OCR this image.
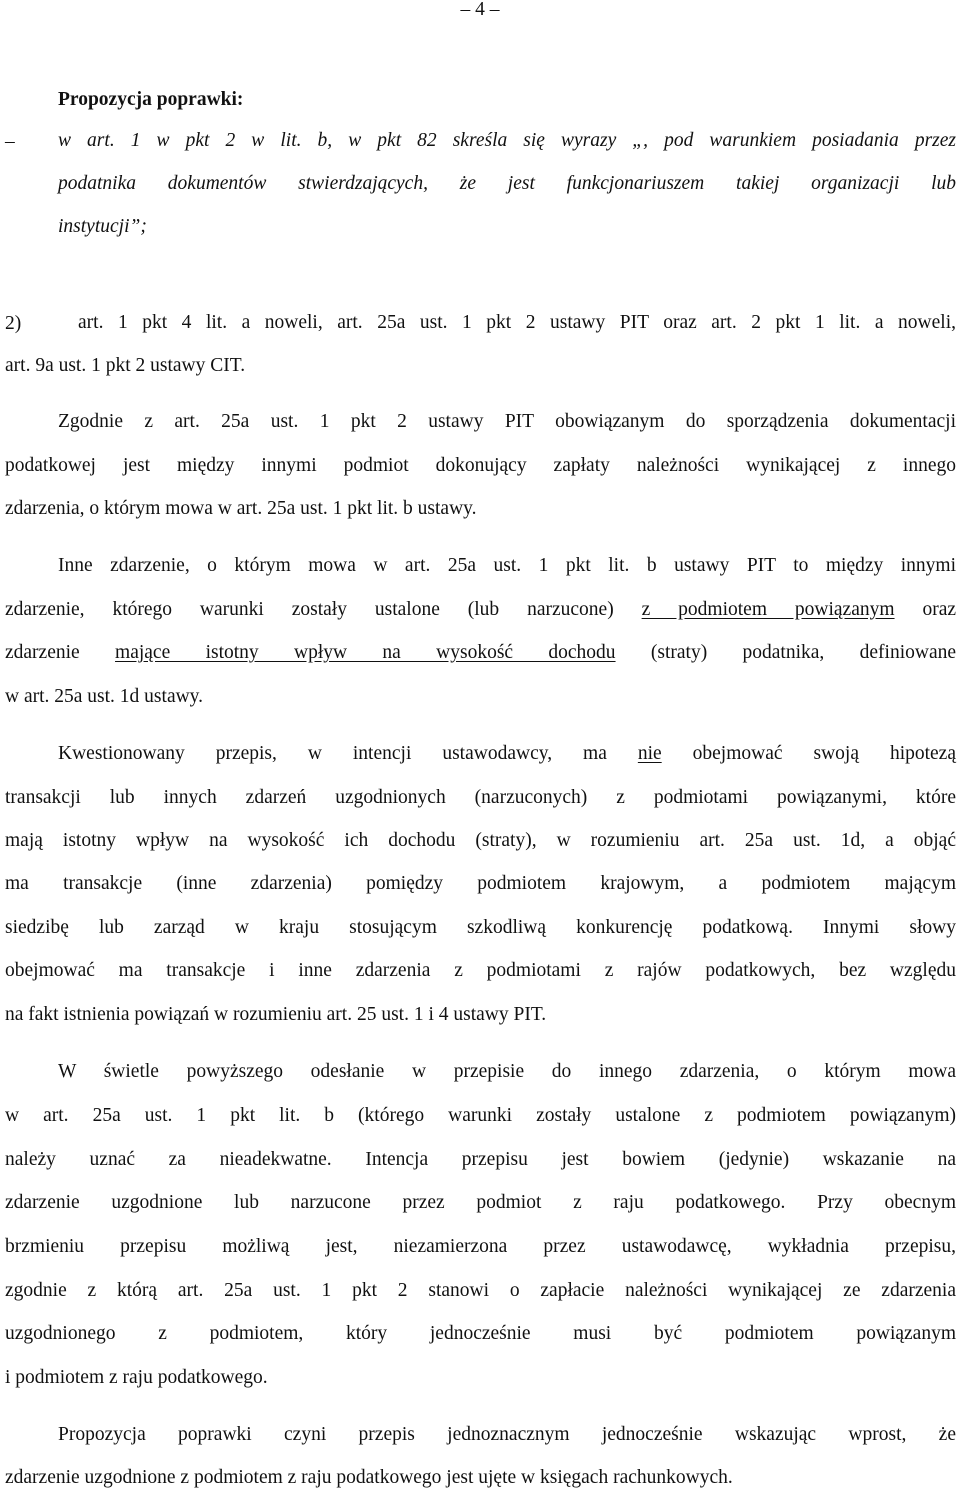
– 4 –
Propozycja poprawki:
– w art. 1 w pkt 2 w lit. b, w pkt 82 skreśla się wyrazy „, pod warunkiem posiadania przez
podatnika dokumentów stwierdzających, że jest funkcjonariuszem takiej organizacji lub
instytucji”;
2)	art. 1 pkt 4 lit. a noweli, art. 25a ust. 1 pkt 2 ustawy PIT oraz art. 2 pkt 1 lit. a noweli,
art. 9a ust. 1 pkt 2 ustawy CIT.
Zgodnie z art. 25a ust. 1 pkt 2 ustawy PIT obowiązanym do sporządzenia dokumentacji
podatkowej jest między innymi podmiot dokonujący zapłaty należności wynikającej z innego
zdarzenia, o którym mowa w art. 25a ust. 1 pkt lit. b ustawy.
Inne zdarzenie, o którym mowa w art. 25a ust. 1 pkt lit. b ustawy PIT to między innymi
zdarzenie, którego warunki zostały ustalone (lub narzucone) z podmiotem powiązanym oraz
zdarzenie mające istotny wpływ na wysokość dochodu (straty) podatnika, definiowane
w art. 25a ust. 1d ustawy.
Kwestionowany przepis, w intencji ustawodawcy, ma nie obejmować swoją hipotezą
transakcji lub innych zdarzeń uzgodnionych (narzuconych) z podmiotami powiązanymi, które
mają istotny wpływ na wysokość ich dochodu (straty), w rozumieniu art. 25a ust. 1d, a objąć
ma transakcje (inne zdarzenia) pomiędzy podmiotem krajowym, a podmiotem mającym
siedzibę lub zarząd w kraju stosującym szkodliwą konkurencję podatkową. Innymi słowy
obejmować ma transakcje i inne zdarzenia z podmiotami z rajów podatkowych, bez względu
na fakt istnienia powiązań w rozumieniu art. 25 ust. 1 i 4 ustawy PIT.
W świetle powyższego odesłanie w przepisie do innego zdarzenia, o którym mowa
w art. 25a ust. 1 pkt lit. b (którego warunki zostały ustalone z podmiotem powiązanym)
należy uznać za nieadekwatne. Intencja przepisu jest bowiem (jedynie) wskazanie na
zdarzenie uzgodnione lub narzucone przez podmiot z raju podatkowego. Przy obecnym
brzmieniu przepisu możliwą jest, niezamierzona przez ustawodawcę, wykładnia przepisu,
zgodnie z którą art. 25a ust. 1 pkt 2 stanowi o zapłacie należności wynikającej ze zdarzenia
uzgodnionego z podmiotem, który jednocześnie musi być podmiotem powiązanym
i podmiotem z raju podatkowego.
Propozycja poprawki czyni przepis jednoznacznym jednocześnie wskazując wprost, że
zdarzenie uzgodnione z podmiotem z raju podatkowego jest ujęte w księgach rachunkowych.
